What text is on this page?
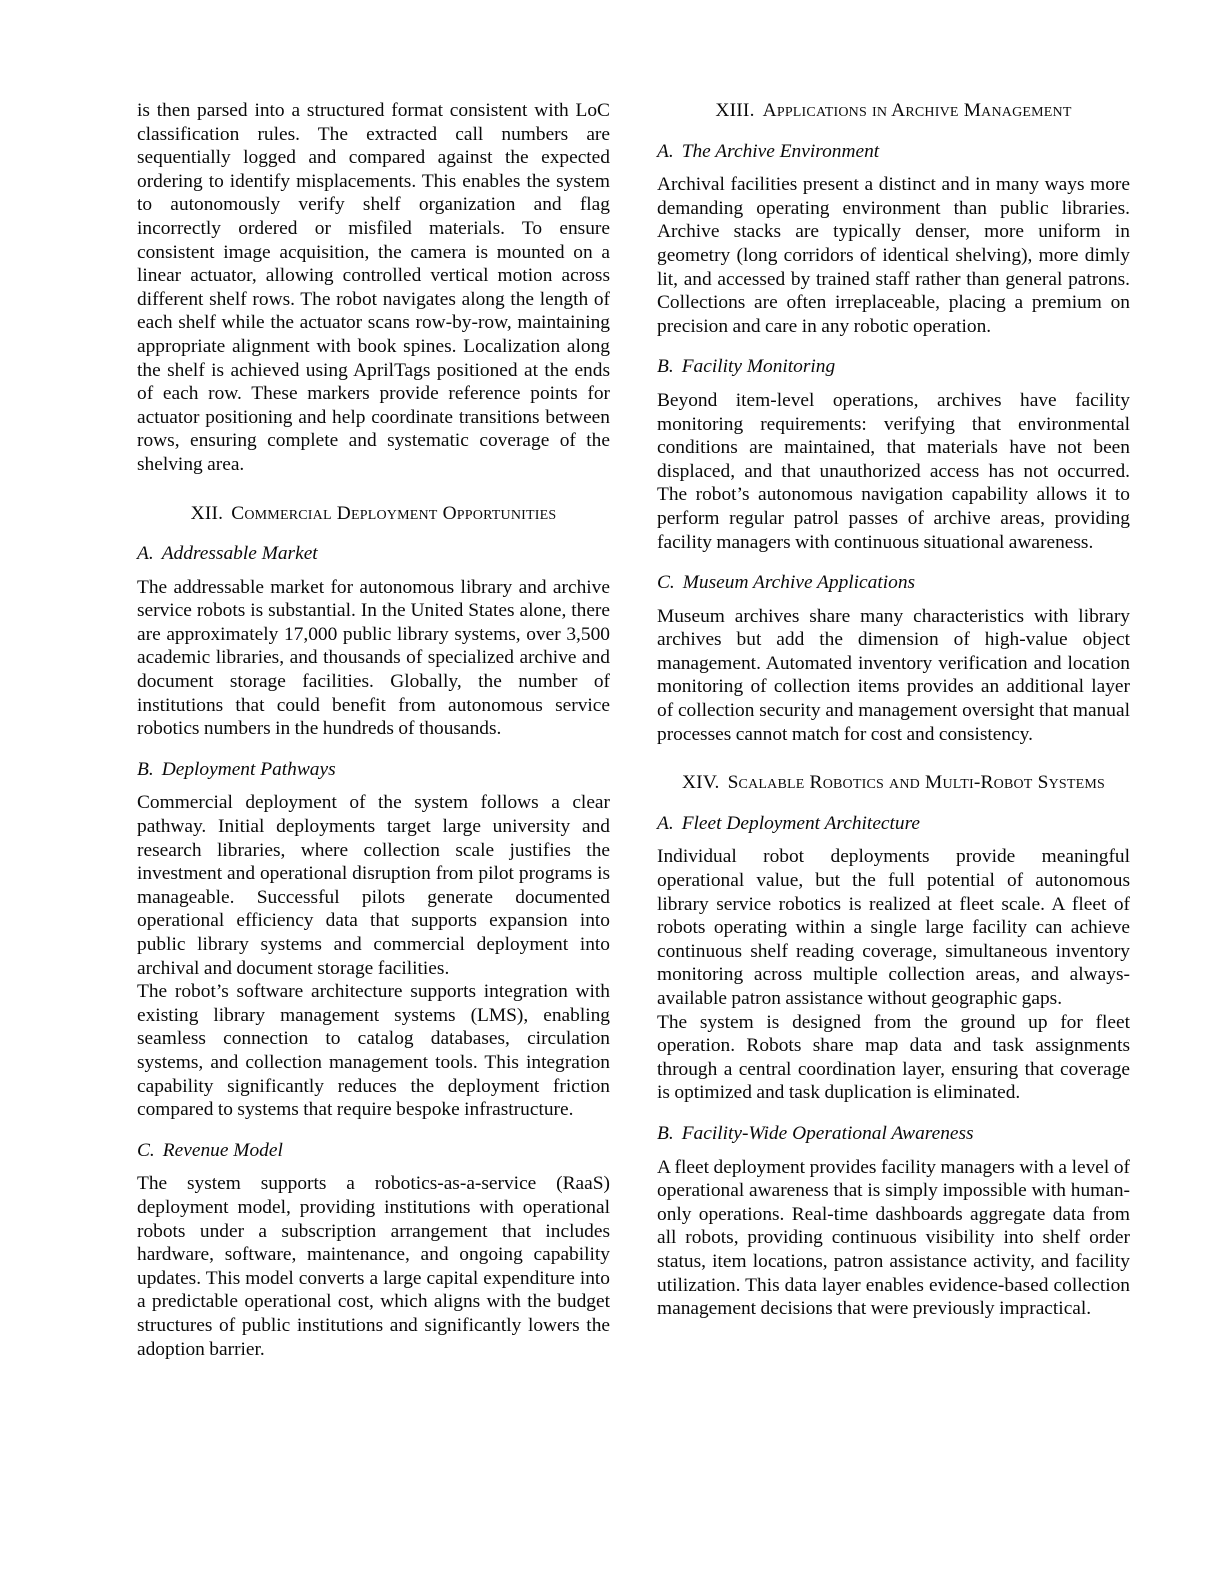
is then parsed into a structured format consistent with LoC classification rules. The extracted call numbers are sequentially logged and compared against the expected ordering to identify misplacements. This enables the system to autonomously verify shelf organization and flag incorrectly ordered or misfiled materials. To ensure consistent image acquisition, the camera is mounted on a linear actuator, allowing controlled vertical motion across different shelf rows. The robot navigates along the length of each shelf while the actuator scans row-by-row, maintaining appropriate alignment with book spines. Localization along the shelf is achieved using AprilTags positioned at the ends of each row. These markers provide reference points for actuator positioning and help coordinate transitions between rows, ensuring complete and systematic coverage of the shelving area.

XII. Commercial Deployment Opportunities
A. Addressable Market

The addressable market for autonomous library and archive service robots is substantial. In the United States alone, there are approximately 17,000 public library systems, over 3,500 academic libraries, and thousands of specialized archive and document storage facilities. Globally, the number of institutions that could benefit from autonomous service robotics numbers in the hundreds of thousands.

B. Deployment Pathways

Commercial deployment of the system follows a clear pathway. Initial deployments target large university and research libraries, where collection scale justifies the investment and operational disruption from pilot programs is manageable. Successful pilots generate documented operational efficiency data that supports expansion into public library systems and commercial deployment into archival and document storage facilities.

The robot’s software architecture supports integration with existing library management systems (LMS), enabling seamless connection to catalog databases, circulation systems, and collection management tools. This integration capability significantly reduces the deployment friction compared to systems that require bespoke infrastructure.

C. Revenue Model

The system supports a robotics-as-a-service (RaaS) deployment model, providing institutions with operational robots under a subscription arrangement that includes hardware, software, maintenance, and ongoing capability updates. This model converts a large capital expenditure into a predictable operational cost, which aligns with the budget structures of public institutions and significantly lowers the adoption barrier.

XIII. Applications in Archive Management
A. The Archive Environment

Archival facilities present a distinct and in many ways more demanding operating environment than public libraries. Archive stacks are typically denser, more uniform in geometry (long corridors of identical shelving), more dimly lit, and accessed by trained staff rather than general patrons. Collections are often irreplaceable, placing a premium on precision and care in any robotic operation.

B. Facility Monitoring

Beyond item-level operations, archives have facility monitoring requirements: verifying that environmental conditions are maintained, that materials have not been displaced, and that unauthorized access has not occurred. The robot’s autonomous navigation capability allows it to perform regular patrol passes of archive areas, providing facility managers with continuous situational awareness.

C. Museum Archive Applications

Museum archives share many characteristics with library archives but add the dimension of high-value object management. Automated inventory verification and location monitoring of collection items provides an additional layer of collection security and management oversight that manual processes cannot match for cost and consistency.

XIV. Scalable Robotics and Multi-Robot Systems
A. Fleet Deployment Architecture

Individual robot deployments provide meaningful operational value, but the full potential of autonomous library service robotics is realized at fleet scale. A fleet of robots operating within a single large facility can achieve continuous shelf reading coverage, simultaneous inventory monitoring across multiple collection areas, and always-available patron assistance without geographic gaps.

The system is designed from the ground up for fleet operation. Robots share map data and task assignments through a central coordination layer, ensuring that coverage is optimized and task duplication is eliminated.

B. Facility-Wide Operational Awareness

A fleet deployment provides facility managers with a level of operational awareness that is simply impossible with human-only operations. Real-time dashboards aggregate data from all robots, providing continuous visibility into shelf order status, item locations, patron assistance activity, and facility utilization. This data layer enables evidence-based collection management decisions that were previously impractical.
